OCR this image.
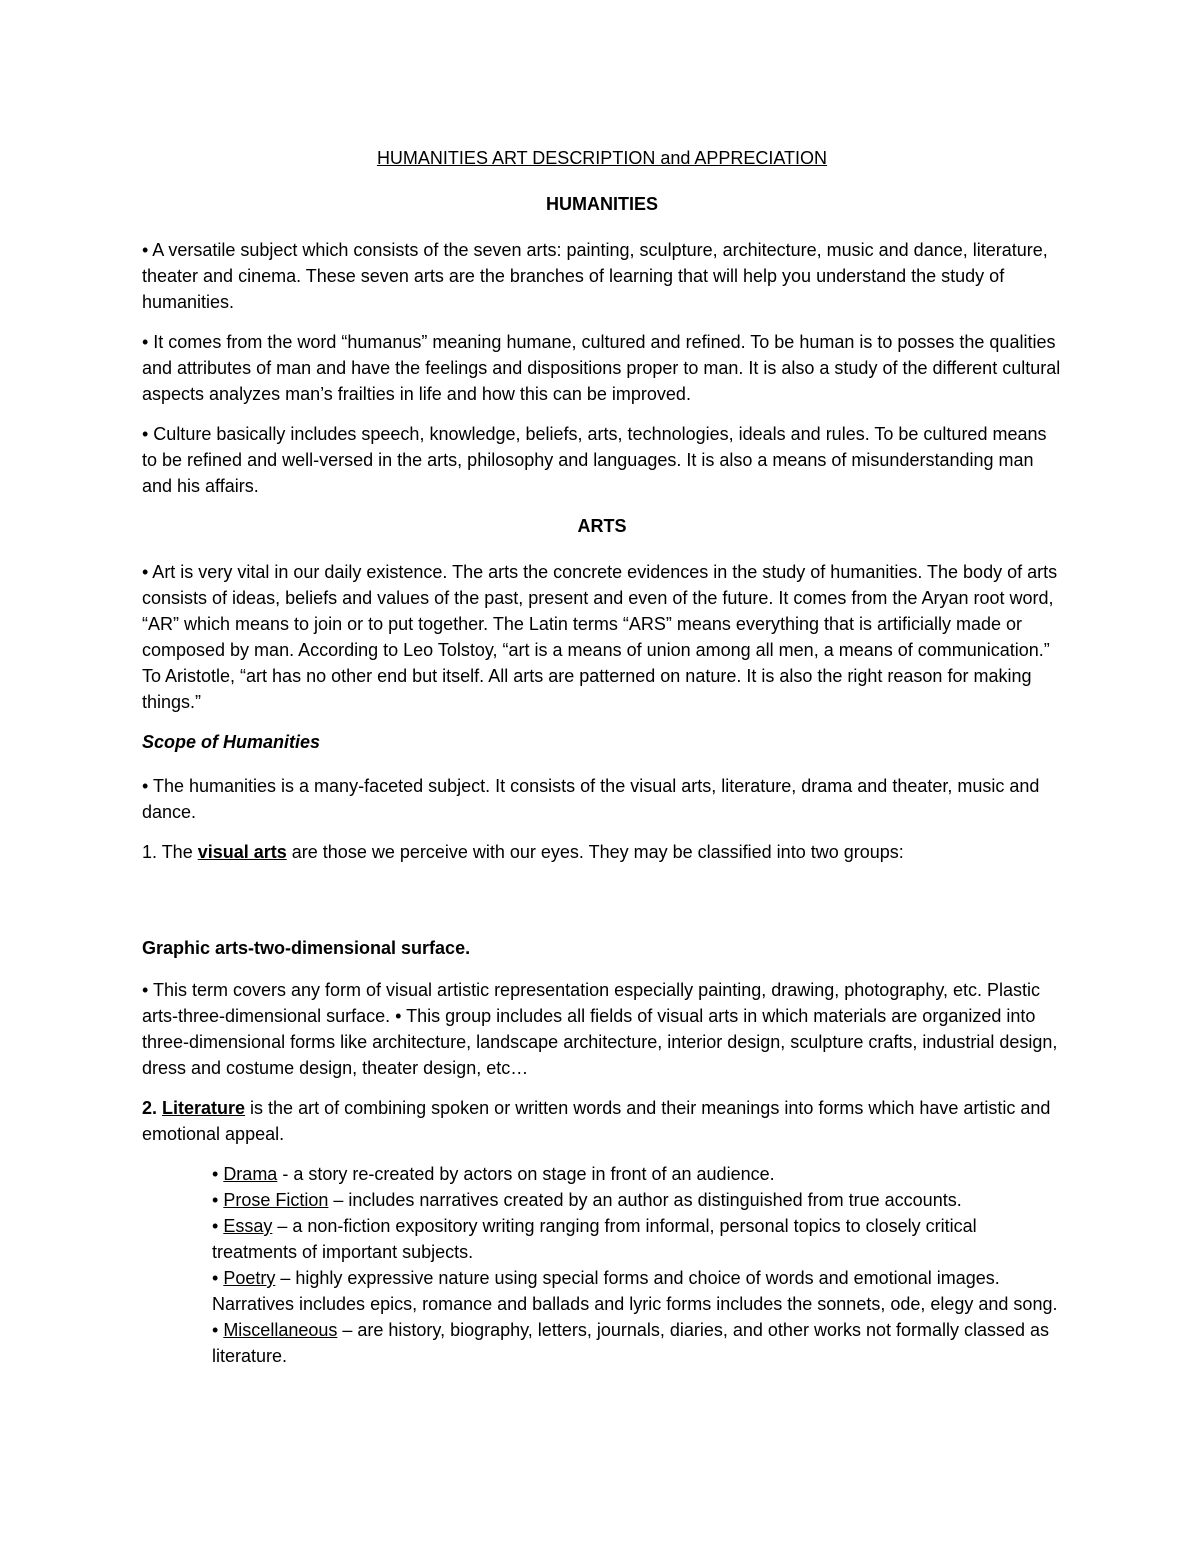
HUMANITIES ART DESCRIPTION and APPRECIATION

HUMANITIES

• A versatile subject which consists of the seven arts: painting, sculpture, architecture, music and dance, literature, theater and cinema. These seven arts are the branches of learning that will help you understand the study of humanities.

• It comes from the word “humanus” meaning humane, cultured and refined. To be human is to posses the qualities and attributes of man and have the feelings and dispositions proper to man. It is also a study of the different cultural aspects analyzes man’s frailties in life and how this can be improved.

• Culture basically includes speech, knowledge, beliefs, arts, technologies, ideals and rules. To be cultured means to be refined and well-versed in the arts, philosophy and languages. It is also a means of misunderstanding man and his affairs.

ARTS

• Art is very vital in our daily existence. The arts the concrete evidences in the study of humanities. The body of arts consists of ideas, beliefs and values of the past, present and even of the future. It comes from the Aryan root word, “AR” which means to join or to put together. The Latin terms “ARS” means everything that is artificially made or composed by man. According to Leo Tolstoy, “art is a means of union among all men, a means of communication.” To Aristotle, “art has no other end but itself. All arts are patterned on nature. It is also the right reason for making things.”

Scope of Humanities

• The humanities is a many-faceted subject. It consists of the visual arts, literature, drama and theater, music and dance.

1. The visual arts are those we perceive with our eyes. They may be classified into two groups:

Graphic arts-two-dimensional surface.

• This term covers any form of visual artistic representation especially painting, drawing, photography, etc. Plastic arts-three-dimensional surface. • This group includes all fields of visual arts in which materials are organized into three-dimensional forms like architecture, landscape architecture, interior design, sculpture crafts, industrial design, dress and costume design, theater design, etc…

2. Literature is the art of combining spoken or written words and their meanings into forms which have artistic and emotional appeal.

• Drama - a story re-created by actors on stage in front of an audience.
• Prose Fiction – includes narratives created by an author as distinguished from true accounts.
• Essay – a non-fiction expository writing ranging from informal, personal topics to closely critical treatments of important subjects.
• Poetry – highly expressive nature using special forms and choice of words and emotional images. Narratives includes epics, romance and ballads and lyric forms includes the sonnets, ode, elegy and song.
• Miscellaneous – are history, biography, letters, journals, diaries, and other works not formally classed as literature.
